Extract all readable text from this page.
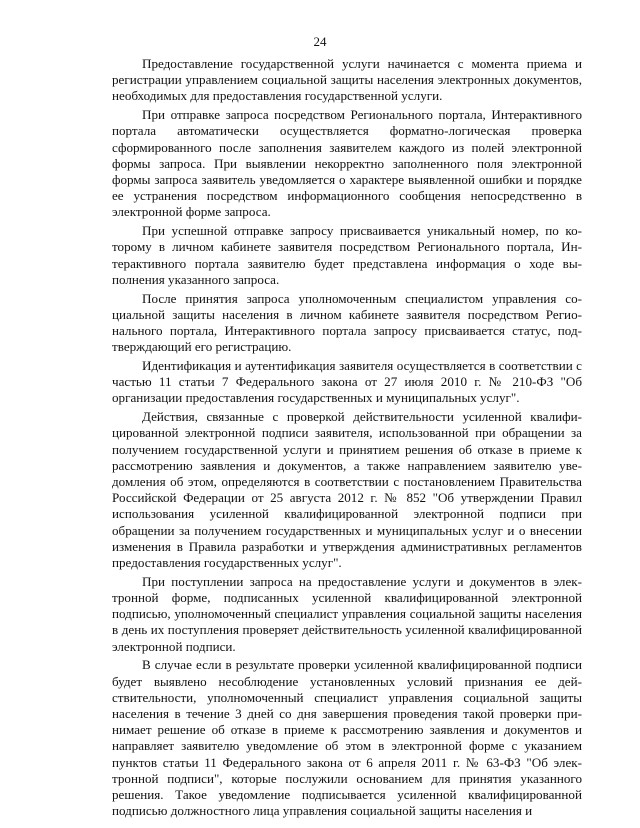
24

Предоставление государственной услуги начинается с момента приема и регистрации управлением социальной защиты населения электронных документов, необходимых для предоставления государственной услуги.

При отправке запроса посредством Регионального портала, Интерактивного портала автоматически осуществляется форматно-логическая проверка сформированного после заполнения заявителем каждого из полей электронной формы запроса. При выявлении некорректно заполненного поля электронной формы запроса заявитель уведомляется о характере выявленной ошибки и порядке ее устранения посредством информационного сообщения непосредственно в электронной форме запроса.

При успешной отправке запросу присваивается уникальный номер, по которому в личном кабинете заявителя посредством Регионального портала, Интерактивного портала заявителю будет представлена информация о ходе выполнения указанного запроса.

После принятия запроса уполномоченным специалистом управления социальной защиты населения в личном кабинете заявителя посредством Регионального портала, Интерактивного портала запросу присваивается статус, подтверждающий его регистрацию.

Идентификация и аутентификация заявителя осуществляется в соответствии с частью 11 статьи 7 Федерального закона от 27 июля 2010 г. № 210-ФЗ "Об организации предоставления государственных и муниципальных услуг".

Действия, связанные с проверкой действительности усиленной квалифицированной электронной подписи заявителя, использованной при обращении за получением государственной услуги и принятием решения об отказе в приеме к рассмотрению заявления и документов, а также направлением заявителю уведомления об этом, определяются в соответствии с постановлением Правительства Российской Федерации от 25 августа 2012 г. № 852 "Об утверждении Правил использования усиленной квалифицированной электронной подписи при обращении за получением государственных и муниципальных услуг и о внесении изменения в Правила разработки и утверждения административных регламентов предоставления государственных услуг".

При поступлении запроса на предоставление услуги и документов в электронной форме, подписанных усиленной квалифицированной электронной подписью, уполномоченный специалист управления социальной защиты населения в день их поступления проверяет действительность усиленной квалифицированной электронной подписи.

В случае если в результате проверки усиленной квалифицированной подписи будет выявлено несоблюдение установленных условий признания ее действительности, уполномоченный специалист управления социальной защиты населения в течение 3 дней со дня завершения проведения такой проверки принимает решение об отказе в приеме к рассмотрению заявления и документов и направляет заявителю уведомление об этом в электронной форме с указанием пунктов статьи 11 Федерального закона от 6 апреля 2011 г. № 63-ФЗ "Об электронной подписи", которые послужили основанием для принятия указанного решения. Такое уведомление подписывается усиленной квалифицированной подписью должностного лица управления социальной защиты населения и
